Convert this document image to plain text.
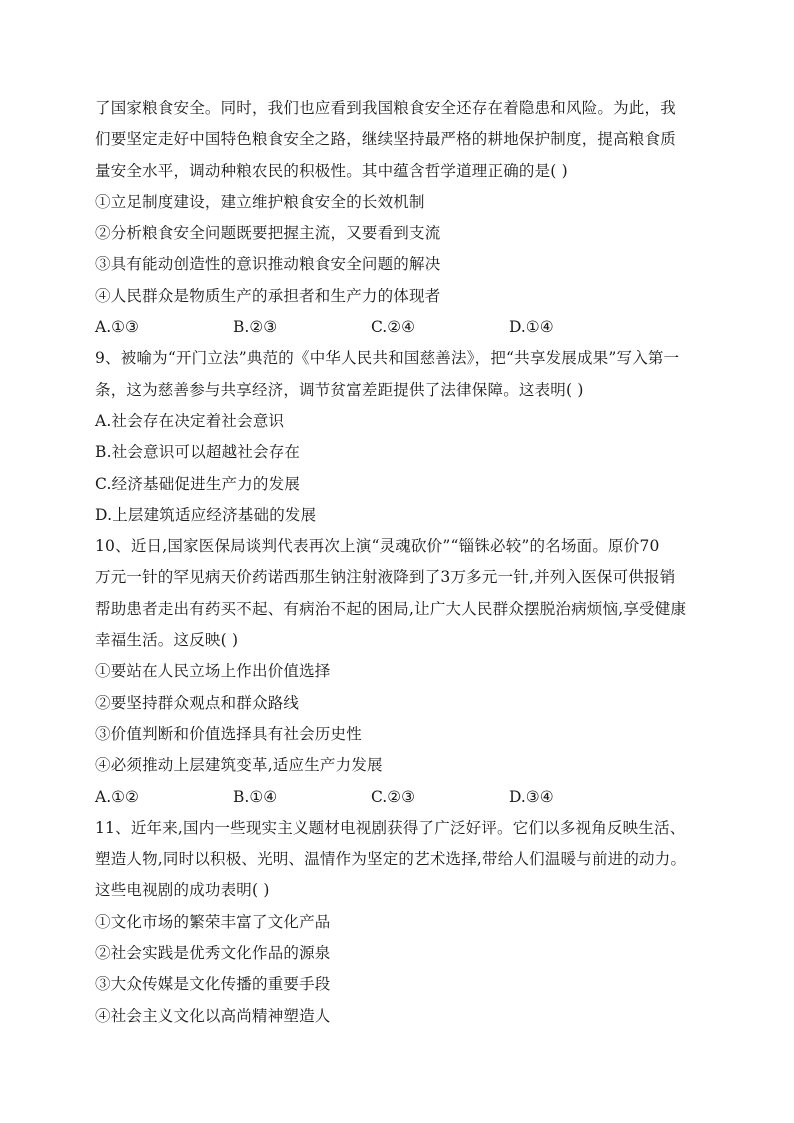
了国家粮食安全。同时，我们也应看到我国粮食安全还存在着隐患和风险。为此，我
们要坚定走好中国特色粮食安全之路，继续坚持最严格的耕地保护制度，提高粮食质
量安全水平，调动种粮农民的积极性。其中蕴含哲学道理正确的是( )
①立足制度建设，建立维护粮食安全的长效机制
②分析粮食安全问题既要把握主流，又要看到支流
③具有能动创造性的意识推动粮食安全问题的解决
④人民群众是物质生产的承担者和生产力的体现者
A.①③	B.②③	C.②④	D.①④
9、被喻为“开门立法”典范的《中华人民共和国慈善法》，把“共享发展成果”写入第一
条，这为慈善参与共享经济，调节贫富差距提供了法律保障。这表明( )
A.社会存在决定着社会意识
B.社会意识可以超越社会存在
C.经济基础促进生产力的发展
D.上层建筑适应经济基础的发展
10、近日,国家医保局谈判代表再次上演“灵魂砍价”“锱铢必较”的名场面。原价70
万元一针的罕见病天价药诺西那生钠注射液降到了3万多元一针,并列入医保可供报销
帮助患者走出有药买不起、有病治不起的困局,让广大人民群众摆脱治病烦恼,享受健康
幸福生活。这反映( )
①要站在人民立场上作出价值选择
②要坚持群众观点和群众路线
③价值判断和价值选择具有社会历史性
④必须推动上层建筑变革,适应生产力发展
A.①②	B.①④	C.②③	D.③④
11、近年来,国内一些现实主义题材电视剧获得了广泛好评。它们以多视角反映生活、
塑造人物,同时以积极、光明、温情作为坚定的艺术选择,带给人们温暖与前进的动力。
这些电视剧的成功表明( )
①文化市场的繁荣丰富了文化产品
②社会实践是优秀文化作品的源泉
③大众传媒是文化传播的重要手段
④社会主义文化以高尚精神塑造人
